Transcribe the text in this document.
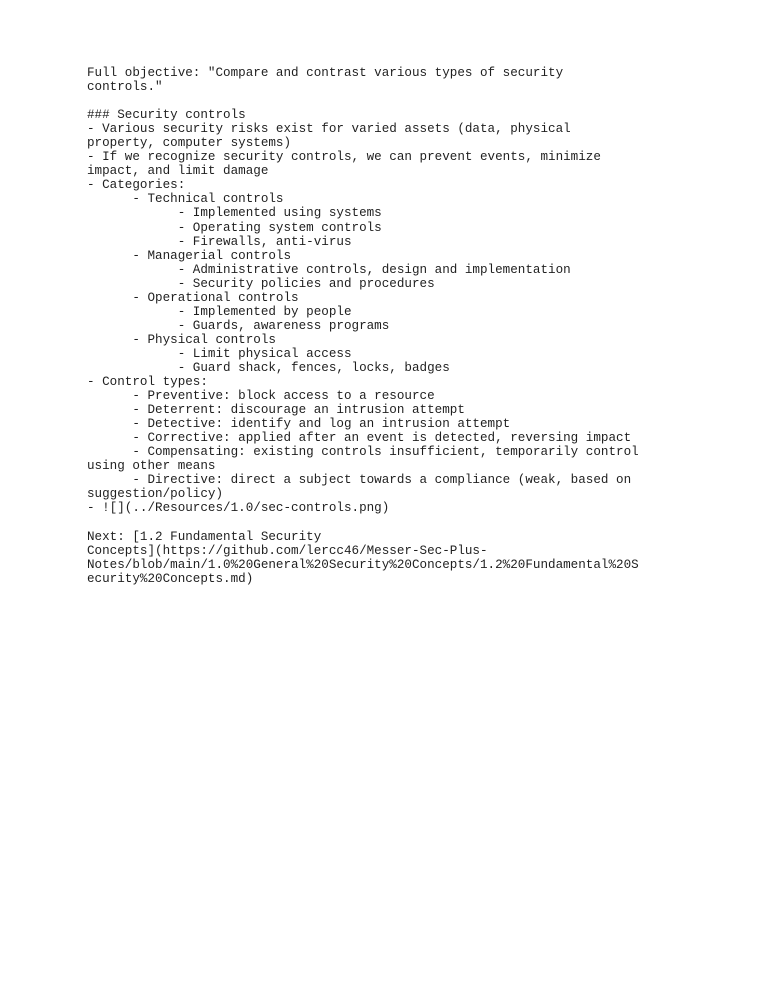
Full objective: "Compare and contrast various types of security
controls."
### Security controls
- Various security risks exist for varied assets (data, physical
property, computer systems)
- If we recognize security controls, we can prevent events, minimize
impact, and limit damage
- Categories:
- Technical controls
- Implemented using systems
- Operating system controls
- Firewalls, anti-virus
- Managerial controls
- Administrative controls, design and implementation
- Security policies and procedures
- Operational controls
- Implemented by people
- Guards, awareness programs
- Physical controls
- Limit physical access
- Guard shack, fences, locks, badges
- Control types:
- Preventive: block access to a resource
- Deterrent: discourage an intrusion attempt
- Detective: identify and log an intrusion attempt
- Corrective: applied after an event is detected, reversing impact
- Compensating: existing controls insufficient, temporarily control
using other means
- Directive: direct a subject towards a compliance (weak, based on
suggestion/policy)
- ![](../Resources/1.0/sec-controls.png)
Next: [1.2 Fundamental Security
Concepts](https://github.com/lercc46/Messer-Sec-Plus-
Notes/blob/main/1.0%20General%20Security%20Concepts/1.2%20Fundamental%20S
ecurity%20Concepts.md)
